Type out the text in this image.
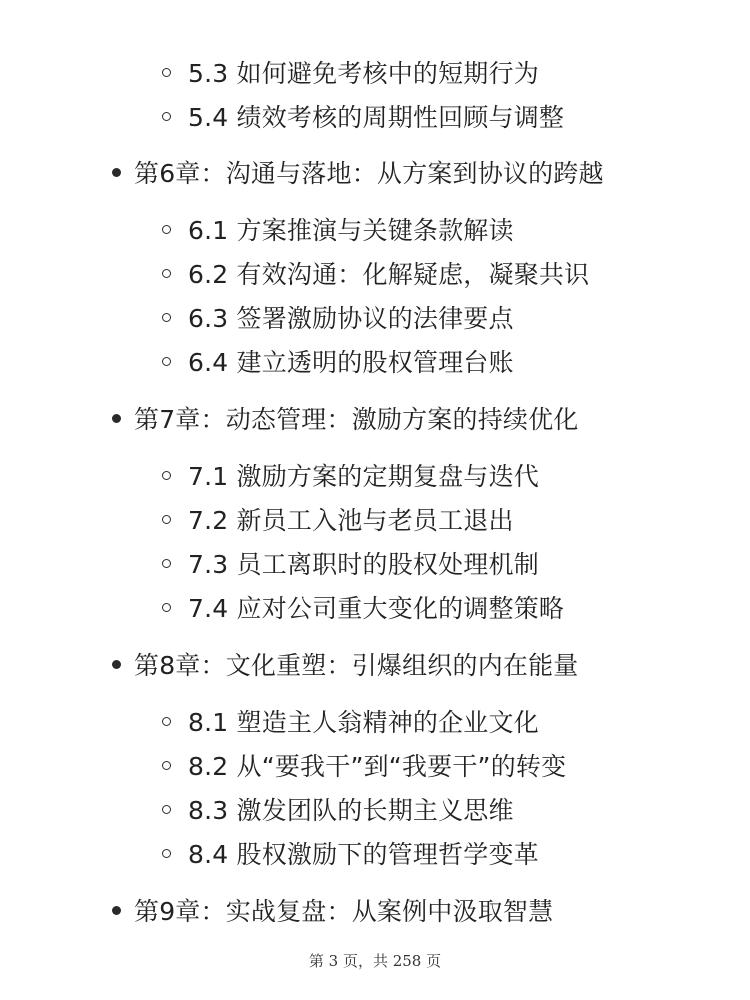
5.3 如何避免考核中的短期行为
5.4 绩效考核的周期性回顾与调整
第6章：沟通与落地：从方案到协议的跨越
6.1 方案推演与关键条款解读
6.2 有效沟通：化解疑虑，凝聚共识
6.3 签署激励协议的法律要点
6.4 建立透明的股权管理台账
第7章：动态管理：激励方案的持续优化
7.1 激励方案的定期复盘与迭代
7.2 新员工入池与老员工退出
7.3 员工离职时的股权处理机制
7.4 应对公司重大变化的调整策略
第8章：文化重塑：引爆组织的内在能量
8.1 塑造主人翁精神的企业文化
8.2 从“要我干”到“我要干”的转变
8.3 激发团队的长期主义思维
8.4 股权激励下的管理哲学变革
第9章：实战复盘：从案例中汲取智慧
第 3 页，共 258 页
